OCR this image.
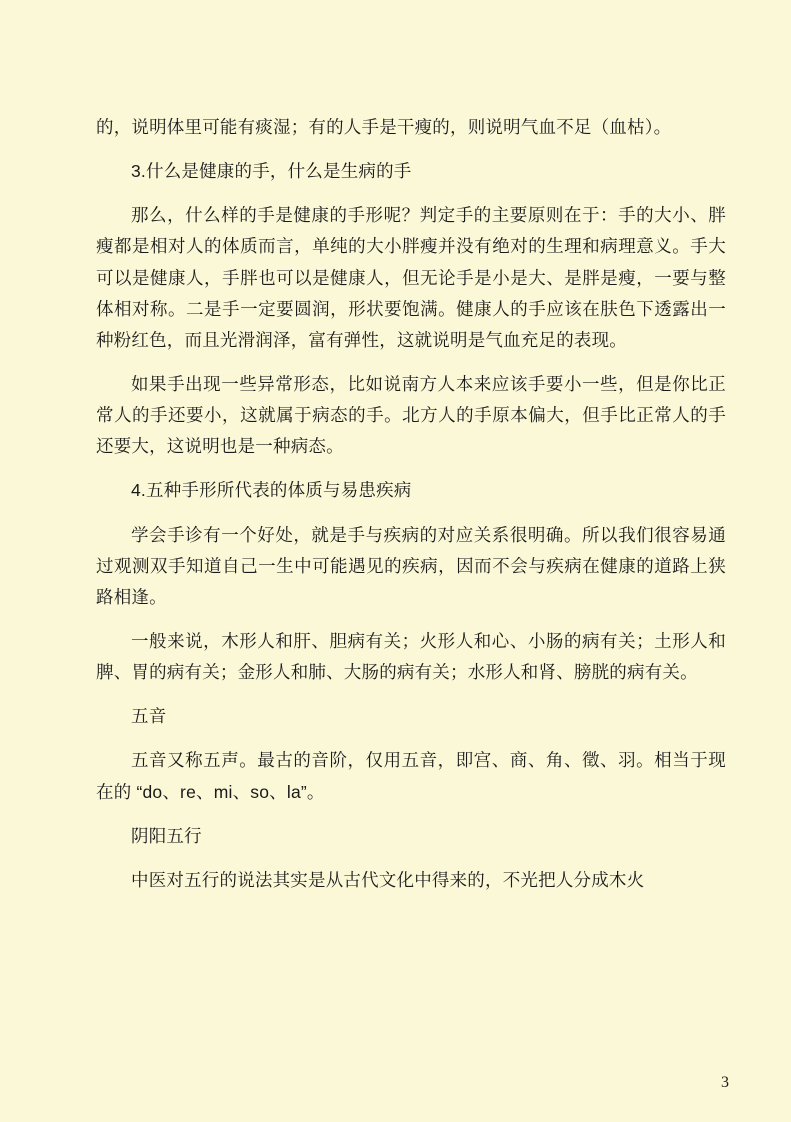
的，说明体里可能有痰湿；有的人手是干瘦的，则说明气血不足（血枯）。

3.什么是健康的手，什么是生病的手

那么，什么样的手是健康的手形呢？判定手的主要原则在于：手的大小、胖瘦都是相对人的体质而言，单纯的大小胖瘦并没有绝对的生理和病理意义。手大可以是健康人，手胖也可以是健康人，但无论手是小是大、是胖是瘦，一要与整体相对称。二是手一定要圆润，形状要饱满。健康人的手应该在肤色下透露出一种粉红色，而且光滑润泽，富有弹性，这就说明是气血充足的表现。

如果手出现一些异常形态，比如说南方人本来应该手要小一些，但是你比正常人的手还要小，这就属于病态的手。北方人的手原本偏大，但手比正常人的手还要大，这说明也是一种病态。

4.五种手形所代表的体质与易患疾病

学会手诊有一个好处，就是手与疾病的对应关系很明确。所以我们很容易通过观测双手知道自己一生中可能遇见的疾病，因而不会与疾病在健康的道路上狭路相逢。

一般来说，木形人和肝、胆病有关；火形人和心、小肠的病有关；土形人和脾、胃的病有关；金形人和肺、大肠的病有关；水形人和肾、膀胱的病有关。

五音

五音又称五声。最古的音阶，仅用五音，即宫、商、角、徵、羽。相当于现在的 “do、re、mi、so、la”。

阴阳五行

中医对五行的说法其实是从古代文化中得来的，不光把人分成木火

3
